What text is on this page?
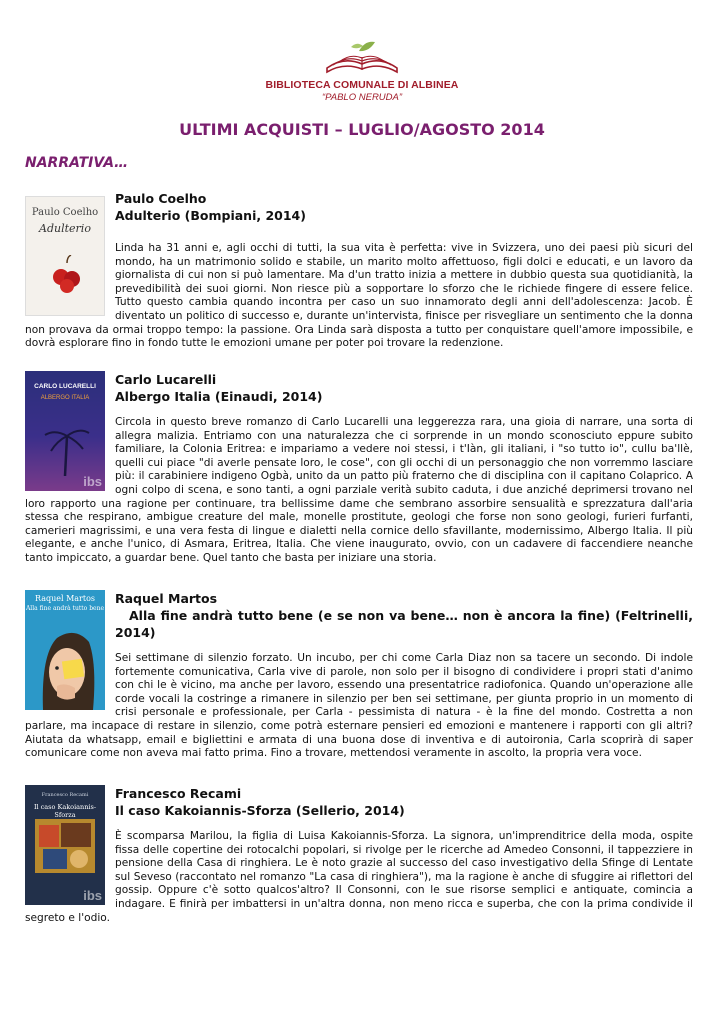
BIBLIOTECA COMUNALE DI ALBINEA
“PABLO NERUDA”
ULTIMI ACQUISTI – LUGLIO/AGOSTO 2014
NARRATIVA…
Paulo Coelho
Adulterio

Paulo Coelho

Adulterio (Bompiani, 2014)

Linda ha 31 anni e, agli occhi di tutti, la sua vita è perfetta: vive in Svizzera, uno dei paesi più sicuri del mondo, ha un matrimonio solido e stabile, un marito molto affettuoso, figli dolci e educati, e un lavoro da giornalista di cui non si può lamentare. Ma d'un tratto inizia a mettere in dubbio questa sua quotidianità, la prevedibilità dei suoi giorni. Non riesce più a sopportare lo sforzo che le richiede fingere di essere felice. Tutto questo cambia quando incontra per caso un suo innamorato degli anni dell'adolescenza: Jacob. È diventato un politico di successo e, durante un'intervista, finisce per risvegliare un sentimento che la donna non provava da ormai troppo tempo: la passione. Ora Linda sarà disposta a tutto per conquistare quell'amore impossibile, e dovrà esplorare fino in fondo tutte le emozioni umane per poter poi trovare la redenzione.

CARLO LUCARELLI
ALBERGO ITALIA
ibs

Carlo Lucarelli

Albergo Italia (Einaudi, 2014)

Circola in questo breve romanzo di Carlo Lucarelli una leggerezza rara, una gioia di narrare, una sorta di allegra malizia. Entriamo con una naturalezza che ci sorprende in un mondo sconosciuto eppure subito familiare, la Colonia Eritrea: e impariamo a vedere noi stessi, i t'Iàn, gli italiani, i "so tutto io", cullu ba'llè, quelli cui piace "di averle pensate loro, le cose", con gli occhi di un personaggio che non vorremmo lasciare più: il carabiniere indigeno Ogbà, unito da un patto più fraterno che di disciplina con il capitano Colaprico. A ogni colpo di scena, e sono tanti, a ogni parziale verità subito caduta, i due anziché deprimersi trovano nel loro rapporto una ragione per continuare, tra bellissime dame che sembrano assorbire sensualità e sprezzatura dall'aria stessa che respirano, ambigue creature del male, monelle prostitute, geologi che forse non sono geologi, furieri furfanti, camerieri magrissimi, e una vera festa di lingue e dialetti nella cornice dello sfavillante, modernissimo, Albergo Italia. Il più elegante, e anche l'unico, di Asmara, Eritrea, Italia. Che viene inaugurato, ovvio, con un cadavere di faccendiere neanche tanto impiccato, a guardar bene. Quel tanto che basta per iniziare una storia.

Raquel Martos
Alla fine andrà tutto bene

Raquel Martos

Alla fine andrà tutto bene (e se non va bene… non è ancora la fine) (Feltrinelli, 2014)

Sei settimane di silenzio forzato. Un incubo, per chi come Carla Diaz non sa tacere un secondo. Di indole fortemente comunicativa, Carla vive di parole, non solo per il bisogno di condividere i propri stati d'animo con chi le è vicino, ma anche per lavoro, essendo una presentatrice radiofonica. Quando un'operazione alle corde vocali la costringe a rimanere in silenzio per ben sei settimane, per giunta proprio in un momento di crisi personale e professionale, per Carla - pessimista di natura - è la fine del mondo. Costretta a non parlare, ma incapace di restare in silenzio, come potrà esternare pensieri ed emozioni e mantenere i rapporti con gli altri? Aiutata da whatsapp, email e bigliettini e armata di una buona dose di inventiva e di autoironia, Carla scoprirà di saper comunicare come non aveva mai fatto prima. Fino a trovare, mettendosi veramente in ascolto, la propria vera voce.

Francesco Recami
Il caso Kakoiannis-Sforza
ibs

Francesco Recami

Il caso Kakoiannis-Sforza (Sellerio, 2014)

È scomparsa Marilou, la figlia di Luisa Kakoiannis-Sforza. La signora, un'imprenditrice della moda, ospite fissa delle copertine dei rotocalchi popolari, si rivolge per le ricerche ad Amedeo Consonni, il tappezziere in pensione della Casa di ringhiera. Le è noto grazie al successo del caso investigativo della Sfinge di Lentate sul Seveso (raccontato nel romanzo "La casa di ringhiera"), ma la ragione è anche di sfuggire ai riflettori del gossip. Oppure c'è sotto qualcos'altro? Il Consonni, con le sue risorse semplici e antiquate, comincia a indagare. E finirà per imbattersi in un'altra donna, non meno ricca e superba, che con la prima condivide il segreto e l'odio.
